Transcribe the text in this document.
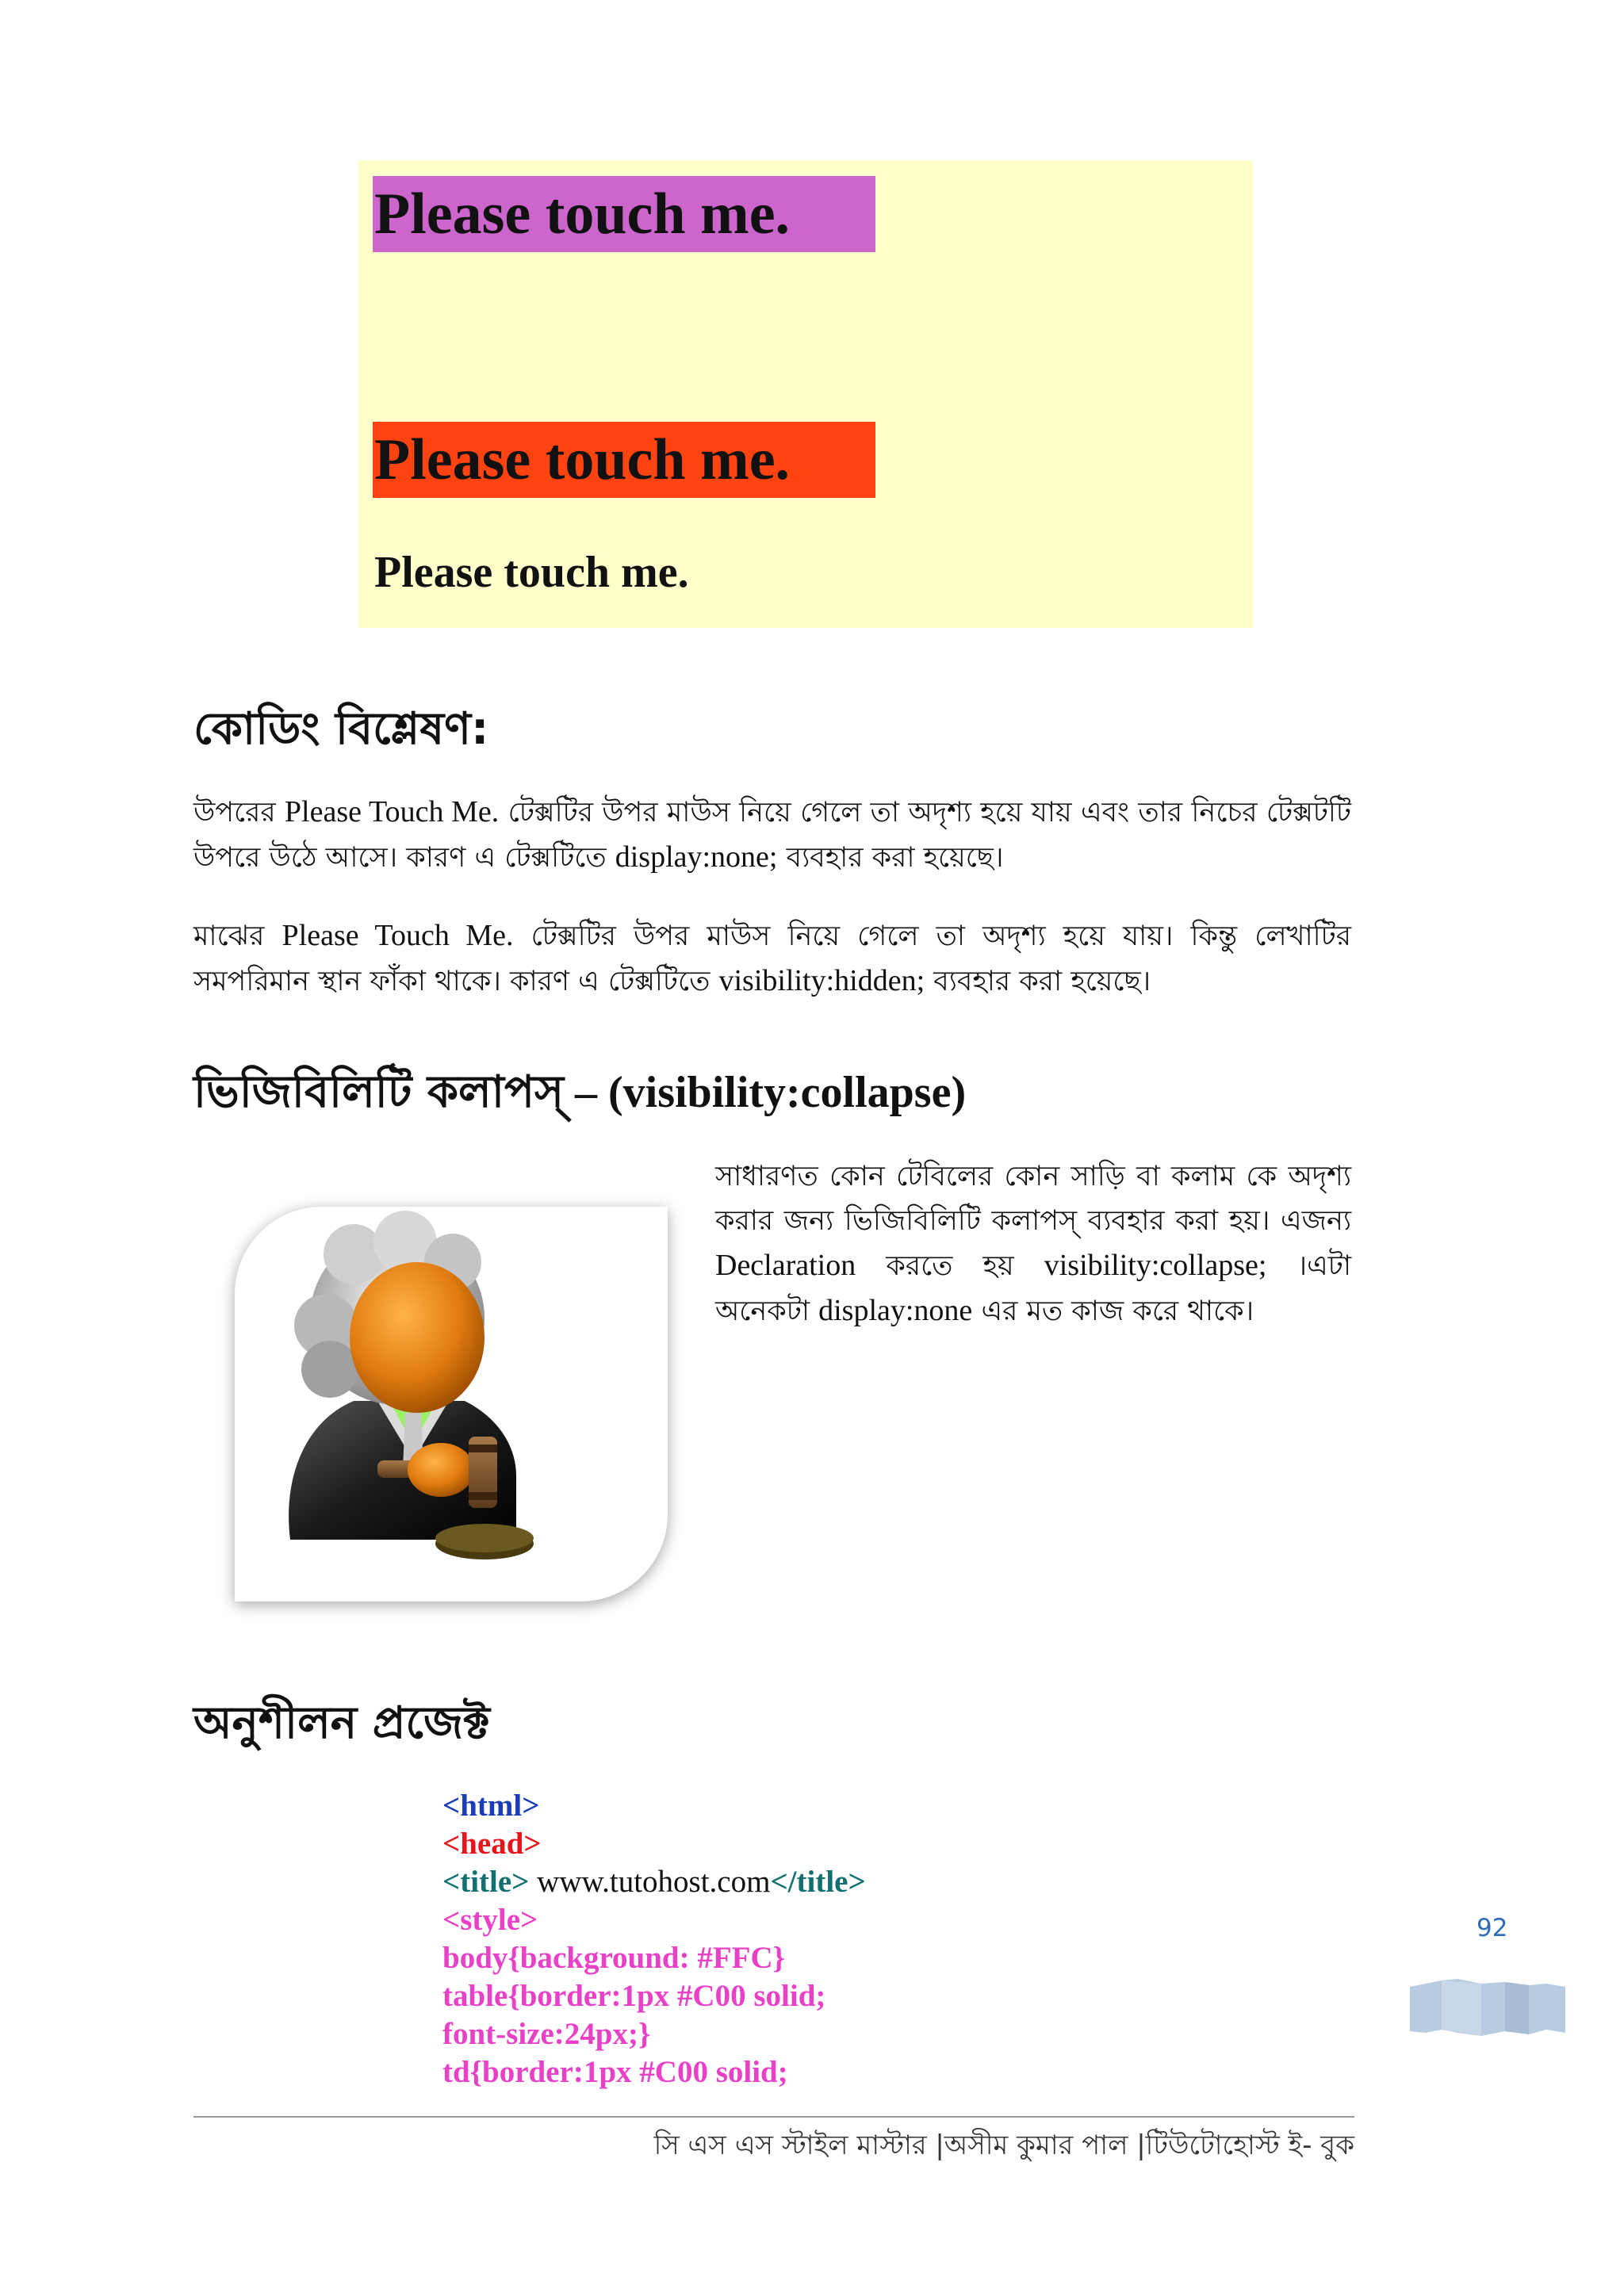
Please touch me.
Please touch me.
Please touch me.
কোডিং বিশ্লেষণ:

উপরের Please Touch Me. টেক্সটির উপর মাউস নিয়ে গেলে তা অদৃশ্য হয়ে যায় এবং তার নিচের টেক্সটটি উপরে উঠে আসে। কারণ এ টেক্সটিতে display:none; ব্যবহার করা হয়েছে।

মাঝের Please Touch Me. টেক্সটির উপর মাউস নিয়ে গেলে তা অদৃশ্য হয়ে যায়। কিন্তু লেখাটির সমপরিমান স্থান ফাঁকা থাকে। কারণ এ টেক্সটিতে visibility:hidden; ব্যবহার করা হয়েছে।

ভিজিবিলিটি কলাপস্ – (visibility:collapse)

সাধারণত কোন টেবিলের কোন সাড়ি বা কলাম কে অদৃশ্য করার জন্য ভিজিবিলিটি কলাপস্ ব্যবহার করা হয়। এজন্য Declaration করতে হয় visibility:collapse; ।এটা অনেকটা display:none এর মত কাজ করে থাকে।

অনুশীলন প্রজেক্ট
<html>
<head>
<title> www.tutohost.com</title>
<style>
body{background: #FFC}
table{border:1px #C00 solid;
font-size:24px;}
td{border:1px #C00 solid;
92
সি এস এস স্টাইল মাস্টার |অসীম কুমার পাল |টিউটোহোস্ট ই- বুক
